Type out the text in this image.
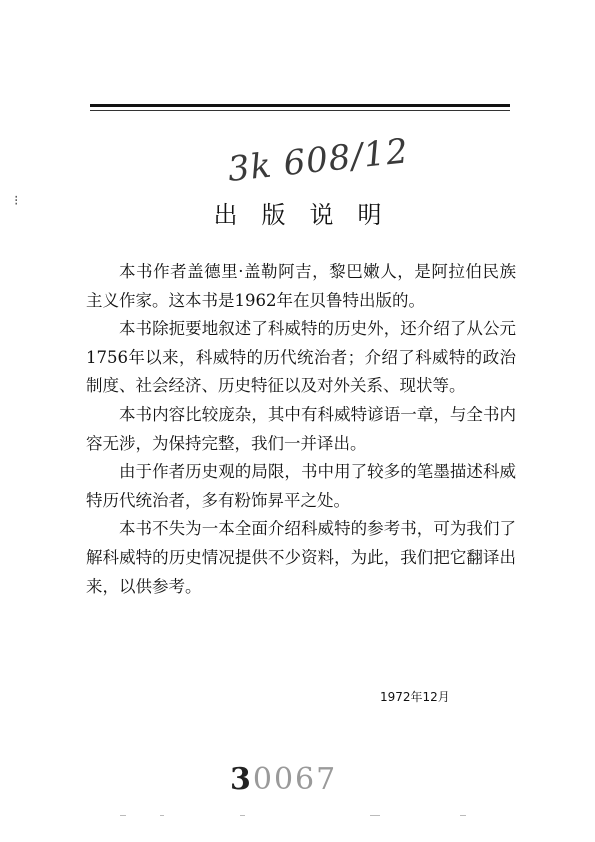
3k 608/12
⁝	出版说明

本书作者盖德里·盖勒阿吉，黎巴嫩人，是阿拉伯民族主义作家。这本书是1962年在贝鲁特出版的。

本书除扼要地叙述了科威特的历史外，还介绍了从公元1756年以来，科威特的历代统治者；介绍了科威特的政治制度、社会经济、历史特征以及对外关系、现状等。

本书内容比较庞杂，其中有科威特谚语一章，与全书内容无涉，为保持完整，我们一并译出。

由于作者历史观的局限，书中用了较多的笔墨描述科威特历代统治者，多有粉饰昇平之处。

本书不失为一本全面介绍科威特的参考书，可为我们了解科威特的历史情况提供不少资料，为此，我们把它翻译出来，以供参考。

1972年12月
30067
